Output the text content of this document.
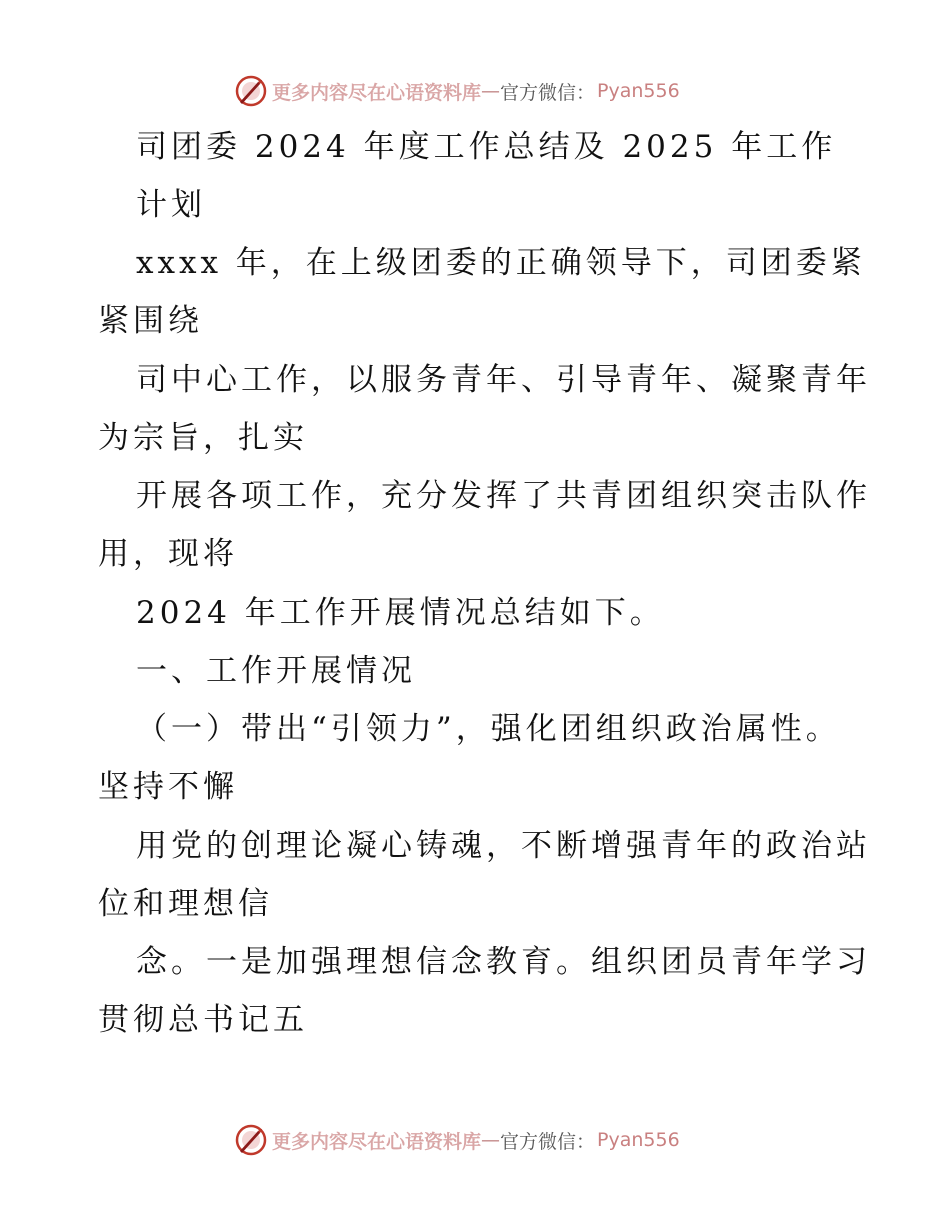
更多内容尽在心语资料库 — 官方微信： Pyan556
司团委 2024 年度工作总结及 2025 年工作
计划
xxxx 年，在上级团委的正确领导下，司团委紧
紧围绕
司中心工作，以服务青年、引导青年、凝聚青年
为宗旨，扎实
开展各项工作，充分发挥了共青团组织突击队作
用，现将
2024 年工作开展情况总结如下。
一、工作开展情况
（一）带出“引领力”，强化团组织政治属性。
坚持不懈
用党的创理论凝心铸魂，不断增强青年的政治站
位和理想信
念。一是加强理想信念教育。组织团员青年学习
贯彻总书记五
更多内容尽在心语资料库 — 官方微信： Pyan556
